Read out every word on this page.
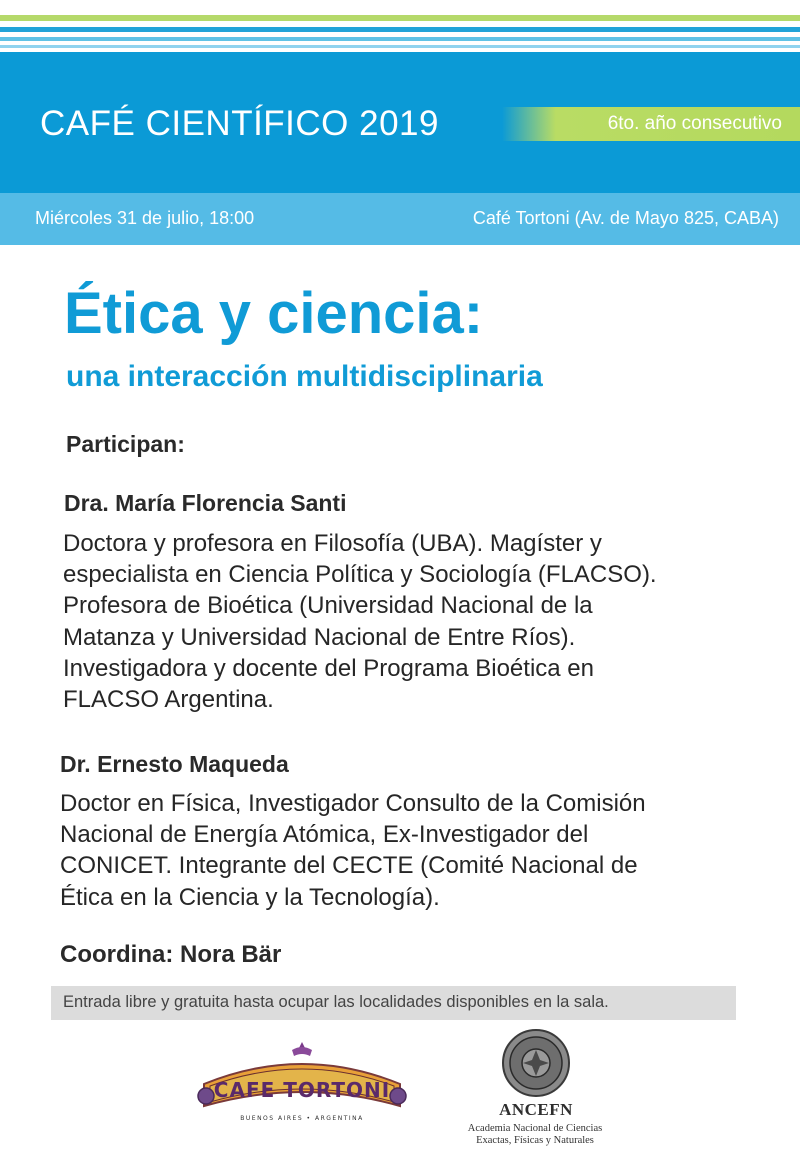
CAFÉ CIENTÍFICO 2019	6to. año consecutivo
Miércoles 31 de julio, 18:00	Café Tortoni (Av. de Mayo 825, CABA)
Ética y ciencia:
una interacción multidisciplinaria
Participan:
Dra. María Florencia Santi
Doctora y profesora en Filosofía (UBA). Magíster y
especialista en Ciencia Política y Sociología (FLACSO).
Profesora de Bioética (Universidad Nacional de la
Matanza y Universidad Nacional de Entre Ríos).
Investigadora y docente del Programa Bioética en
FLACSO Argentina.
Dr. Ernesto Maqueda
Doctor en Física, Investigador Consulto de la Comisión
Nacional de Energía Atómica, Ex-Investigador del
CONICET. Integrante del CECTE (Comité Nacional de
Ética en la Ciencia y la Tecnología).
Coordina: Nora Bär
Entrada libre y gratuita hasta ocupar las localidades disponibles en la sala.
CAFE TORTONI
BUENOS AIRES • ARGENTINA	ANCEFN
Academia Nacional de Ciencias
Exactas, Físicas y Naturales
